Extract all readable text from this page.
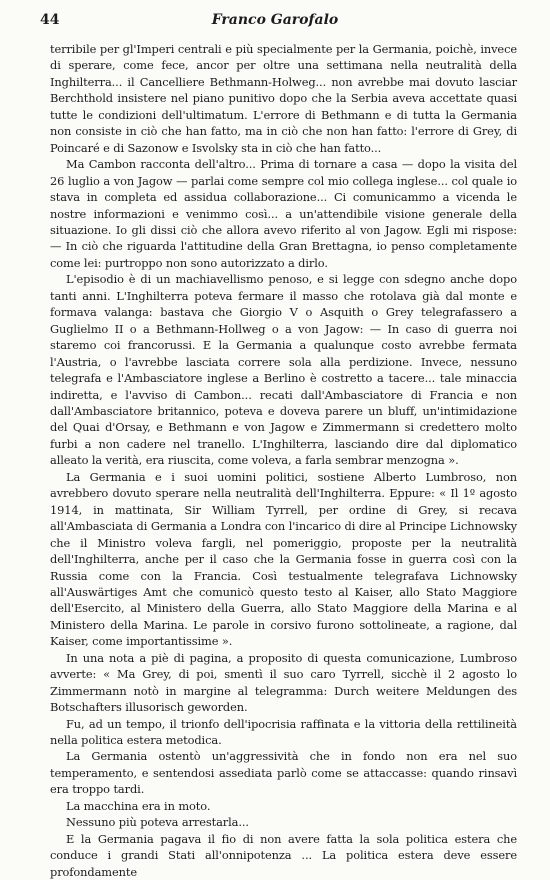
44	Franco Garofalo

terribile per gl'Imperi centrali e più specialmente per la Germania, poichè, invece di sperare, come fece, ancor per oltre una settimana nella neutralità della Inghilterra... il Cancelliere Bethmann-Holweg... non avrebbe mai dovuto lasciar Berchthold insistere nel piano punitivo dopo che la Serbia aveva accettate quasi tutte le condizioni dell'ultimatum. L'errore di Bethmann e di tutta la Germania non consiste in ciò che han fatto, ma in ciò che non han fatto: l'errore di Grey, di Poincaré e di Sazonow e Isvolsky sta in ciò che han fatto...

Ma Cambon racconta dell'altro... Prima di tornare a casa — dopo la visita del 26 luglio a von Jagow — parlai come sempre col mio collega inglese... col quale io stava in completa ed assidua collaborazione... Ci comunicammo a vicenda le nostre informazioni e venimmo così... a un'attendibile visione generale della situazione. Io gli dissi ciò che allora avevo riferito al von Jagow. Egli mi rispose: — In ciò che riguarda l'attitudine della Gran Brettagna, io penso completamente come lei: purtroppo non sono autorizzato a dirlo.

L'episodio è di un machiavellismo penoso, e si legge con sdegno anche dopo tanti anni. L'Inghilterra poteva fermare il masso che rotolava già dal monte e formava valanga: bastava che Giorgio V o Asquith o Grey telegrafassero a Guglielmo II o a Bethmann-Hollweg o a von Jagow: — In caso di guerra noi staremo coi francorussi. E la Germania a qualunque costo avrebbe fermata l'Austria, o l'avrebbe lasciata correre sola alla perdizione. Invece, nessuno telegrafa e l'Ambasciatore inglese a Berlino è costretto a tacere... tale minaccia indiretta, e l'avviso di Cambon... recati dall'Ambasciatore di Francia e non dall'Ambasciatore britannico, poteva e doveva parere un bluff, un'intimidazione del Quai d'Orsay, e Bethmann e von Jagow e Zimmermann si credettero molto furbi a non cadere nel tranello. L'Inghilterra, lasciando dire dal diplomatico alleato la verità, era riuscita, come voleva, a farla sembrar menzogna ».

La Germania e i suoi uomini politici, sostiene Alberto Lumbroso, non avrebbero dovuto sperare nella neutralità dell'Inghilterra. Eppure: « Il 1º agosto 1914, in mattinata, Sir William Tyrrell, per ordine di Grey, si recava all'Ambasciata di Germania a Londra con l'incarico di dire al Principe Lichnowsky che il Ministro voleva fargli, nel pomeriggio, proposte per la neutralità dell'Inghilterra, anche per il caso che la Germania fosse in guerra così con la Russia come con la Francia. Così testualmente telegrafava Lichnowsky all'Auswärtiges Amt che comunicò questo testo al Kaiser, allo Stato Maggiore dell'Esercito, al Ministero della Guerra, allo Stato Maggiore della Marina e al Ministero della Marina. Le parole in corsivo furono sottolineate, a ragione, dal Kaiser, come importantissime ».

In una nota a piè di pagina, a proposito di questa comunicazione, Lumbroso avverte: « Ma Grey, di poi, smentì il suo caro Tyrrell, sicchè il 2 agosto lo Zimmermann notò in margine al telegramma: Durch weitere Meldungen des Botschafters illusorisch geworden.

Fu, ad un tempo, il trionfo dell'ipocrisia raffinata e la vittoria della rettilineità nella politica estera metodica.

La Germania ostentò un'aggressività che in fondo non era nel suo temperamento, e sentendosi assediata parlò come se attaccasse: quando rinsavì era troppo tardi.

La macchina era in moto.

Nessuno più poteva arrestarla...

E la Germania pagava il fio di non avere fatta la sola politica estera che conduce i grandi Stati all'onnipotenza ... La politica estera deve essere profondamente
